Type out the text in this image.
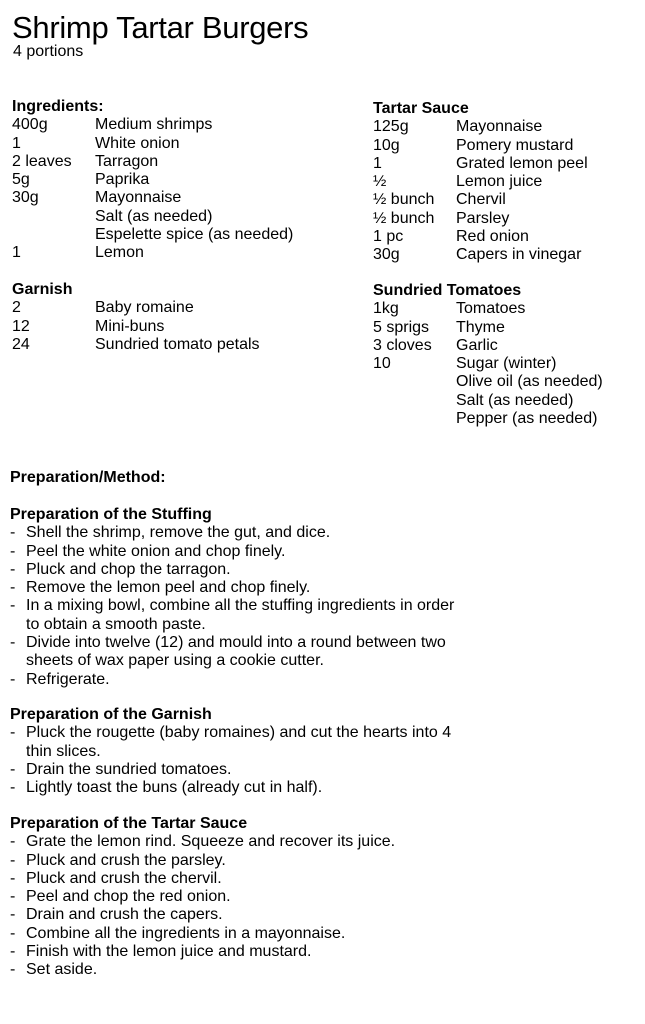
Shrimp Tartar Burgers
4 portions
Ingredients:
400g	Medium shrimps
1	White onion
2 leaves	Tarragon
5g	Paprika
30g	Mayonnaise
Salt (as needed)
Espelette spice (as needed)
1	Lemon
Garnish
2	Baby romaine
12	Mini-buns
24	Sundried tomato petals
Tartar Sauce
125g	Mayonnaise
10g	Pomery mustard
1	Grated lemon peel
½	Lemon juice
½ bunch	Chervil
½ bunch	Parsley
1 pc	Red onion
30g	Capers in vinegar
Sundried Tomatoes
1kg	Tomatoes
5 sprigs	Thyme
3 cloves	Garlic
10	Sugar (winter)
Olive oil (as needed)
Salt (as needed)
Pepper (as needed)
Preparation/Method:
Preparation of the Stuffing
- Shell the shrimp, remove the gut, and dice.
- Peel the white onion and chop finely.
- Pluck and chop the tarragon.
- Remove the lemon peel and chop finely.
- In a mixing bowl, combine all the stuffing ingredients in order to obtain a smooth paste.
- Divide into twelve (12) and mould into a round between two sheets of wax paper using a cookie cutter.
- Refrigerate.
Preparation of the Garnish
- Pluck the rougette (baby romaines) and cut the hearts into 4 thin slices.
- Drain the sundried tomatoes.
- Lightly toast the buns (already cut in half).
Preparation of the Tartar Sauce
- Grate the lemon rind. Squeeze and recover its juice.
- Pluck and crush the parsley.
- Pluck and crush the chervil.
- Peel and chop the red onion.
- Drain and crush the capers.
- Combine all the ingredients in a mayonnaise.
- Finish with the lemon juice and mustard.
- Set aside.
